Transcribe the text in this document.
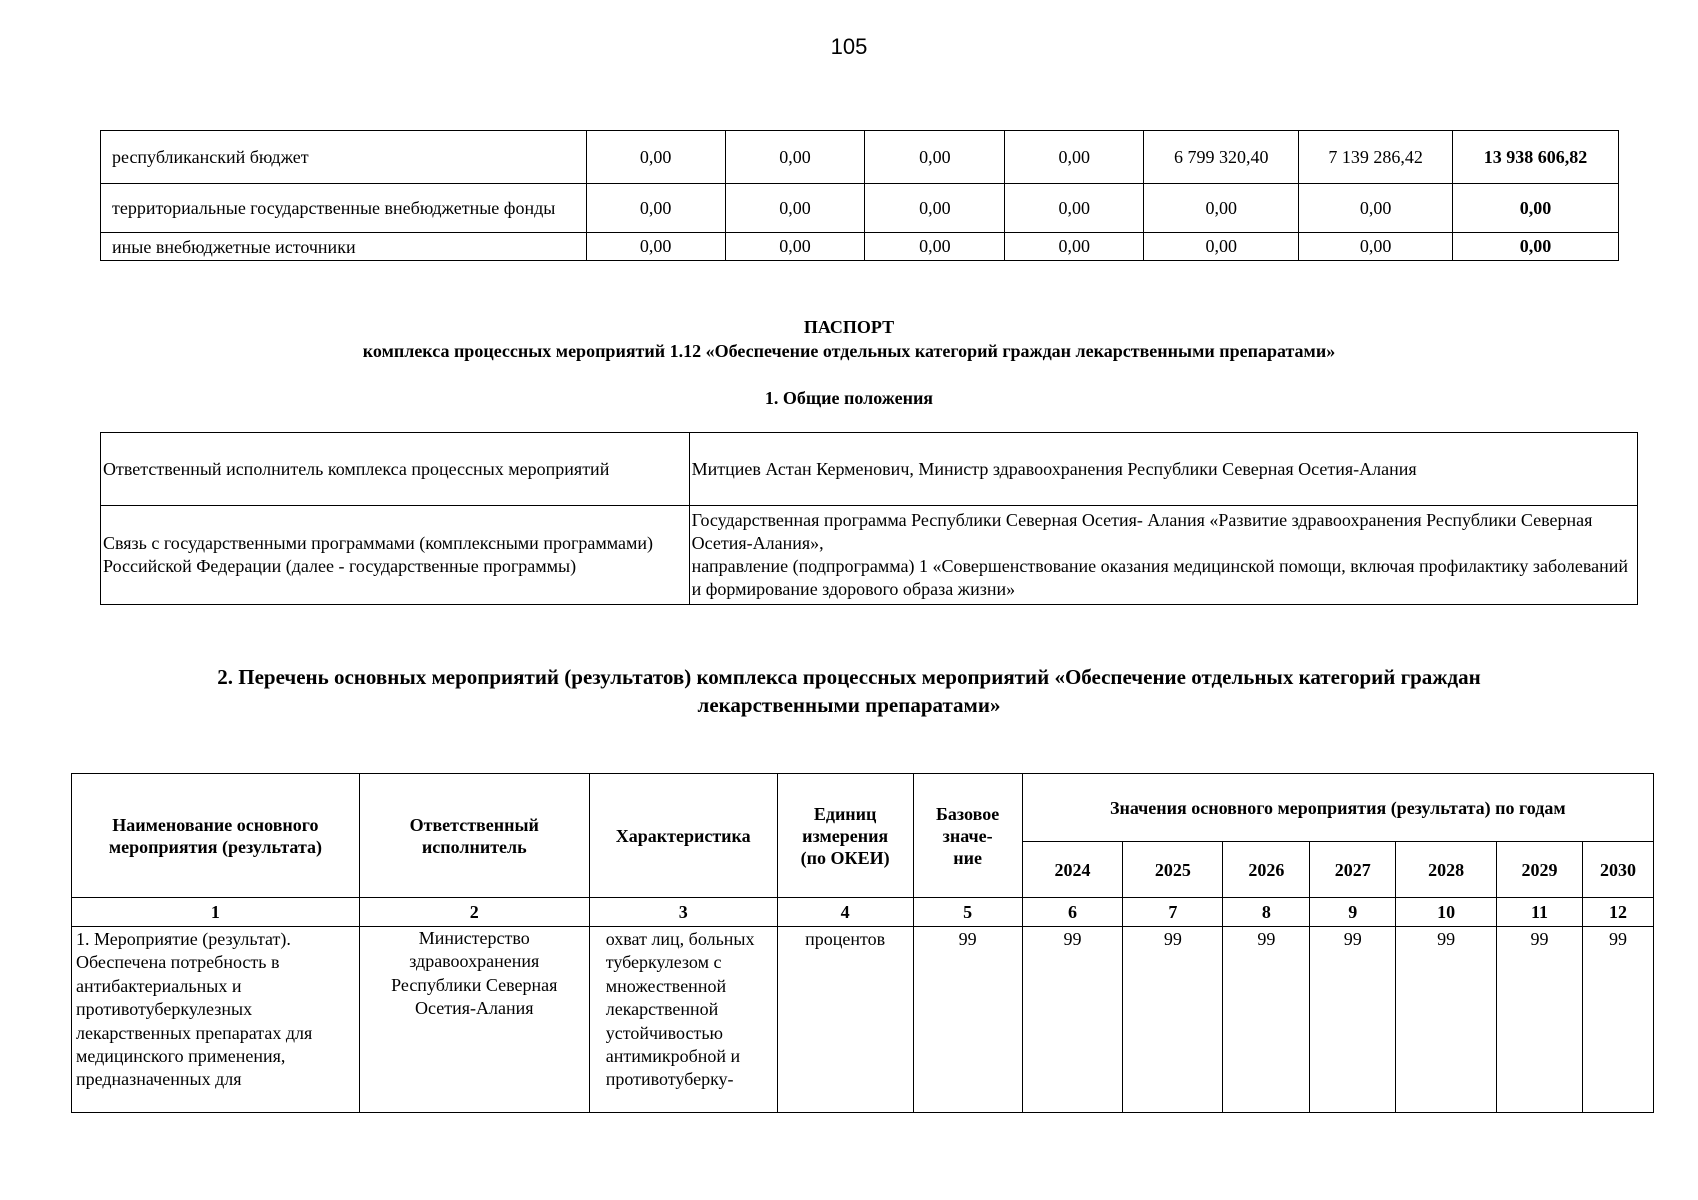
105
республиканский бюджет	0,00	0,00	0,00	0,00	6 799 320,40	7 139 286,42	13 938 606,82
территориальные государственные внебюджетные фонды	0,00	0,00	0,00	0,00	0,00	0,00	0,00
иные внебюджетные источники	0,00	0,00	0,00	0,00	0,00	0,00	0,00
ПАСПОРТ
комплекса процессных мероприятий 1.12 «Обеспечение отдельных категорий граждан лекарственными препаратами»
1. Общие положения
Ответственный исполнитель комплекса процессных мероприятий	Митциев Астан Керменович, Министр здравоохранения Республики Северная Осетия-Алания

Связь с государственными программами (комплексными программами) Российской Федерации (далее - государственные программы)	Государственная программа Республики Северная Осетия- Алания «Развитие здравоохранения Республики Северная Осетия-Алания»,
направление (подпрограмма) 1 «Совершенствование оказания медицинской помощи, включая профилактику заболеваний и формирование здорового образа жизни»
2. Перечень основных мероприятий (результатов) комплекса процессных мероприятий «Обеспечение отдельных категорий граждан
лекарственными препаратами»
Наименование основного мероприятия (результата)	Ответственный исполнитель	Характеристика	Единиц измерения (по ОКЕИ)	Базовое значе-ние	Значения основного мероприятия (результата) по годам						
					2024	2025	2026	2027	2028	2029	2030
1	2	3	4	5	6	7	8	9	10	11	12
1. Мероприятие (результат). Обеспечена потребность в антибактериальных и противотуберкулезных лекарственных препаратах для медицинского применения, предназначенных для	Министерство здравоохранения Республики Северная Осетия-Алания	охват лиц, больных туберкулезом с множественной лекарственной устойчивостью антимикробной и противотуберку-	процентов	99	99	99	99	99	99	99	99
